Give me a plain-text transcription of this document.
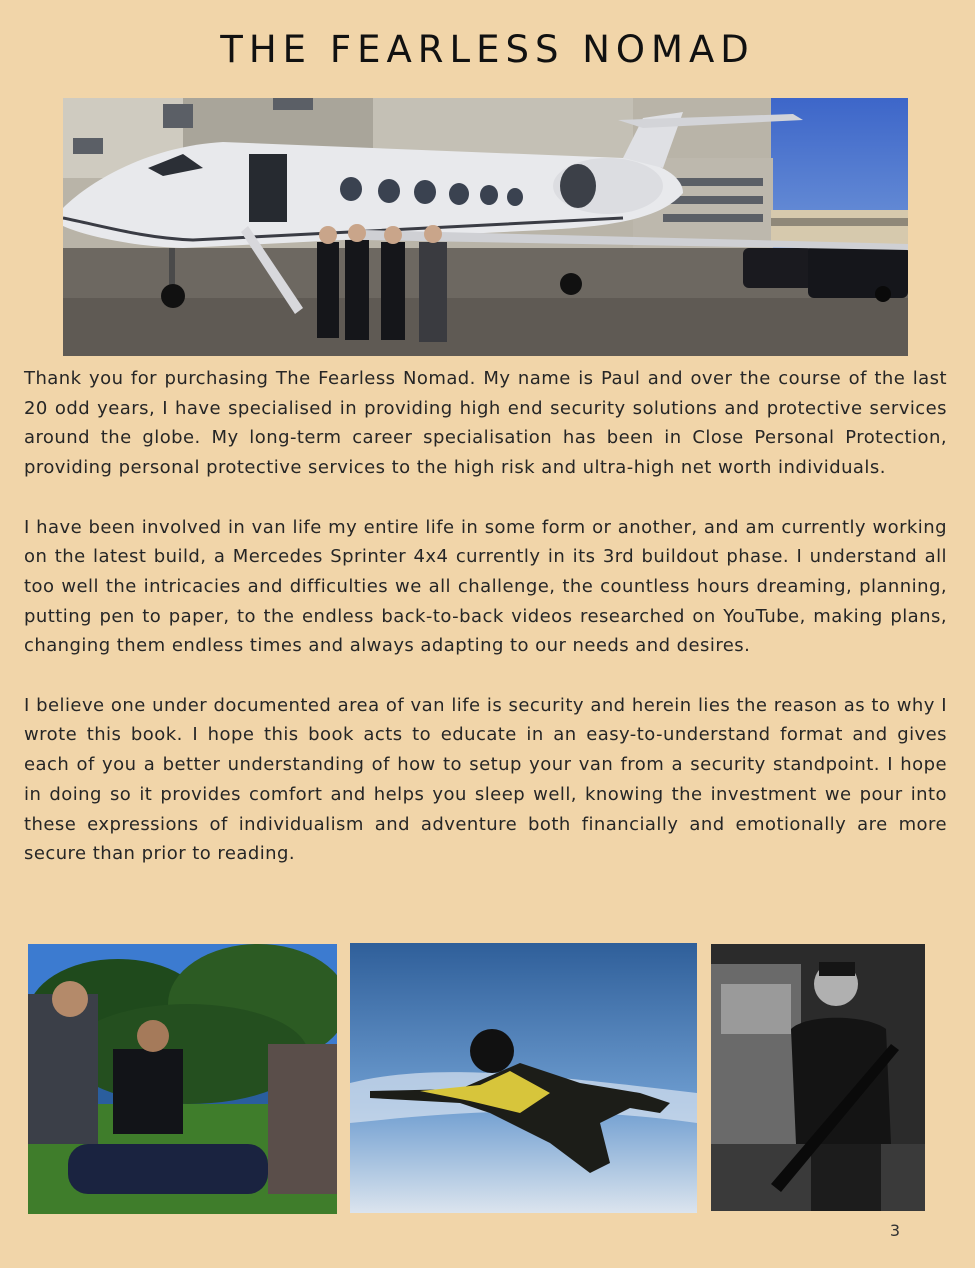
THE FEARLESS NOMAD

Thank you for purchasing The Fearless Nomad. My name is Paul and over the course of the last 20 odd years, I have specialised in providing high end security solutions and protective services around the globe. My long-term career specialisation has been in Close Personal Protection, providing personal protective services to the high risk and ultra-high net worth individuals.

I have been involved in van life my entire life in some form or another, and am currently working on the latest build, a Mercedes Sprinter 4x4 currently in its 3rd buildout phase. I understand all too well the intricacies and difficulties we all challenge, the countless hours dreaming, planning, putting pen to paper, to the endless back-to-back videos researched on YouTube, making plans, changing them endless times and always adapting to our needs and desires.

I believe one under documented area of van life is security and herein lies the reason as to why I wrote this book. I hope this book acts to educate in an easy-to-understand format and gives each of you a better understanding of how to setup your van from a security standpoint. I hope in doing so it provides comfort and helps you sleep well, knowing the investment we pour into these expressions of individualism and adventure both financially and emotionally are more secure than prior to reading.

3
